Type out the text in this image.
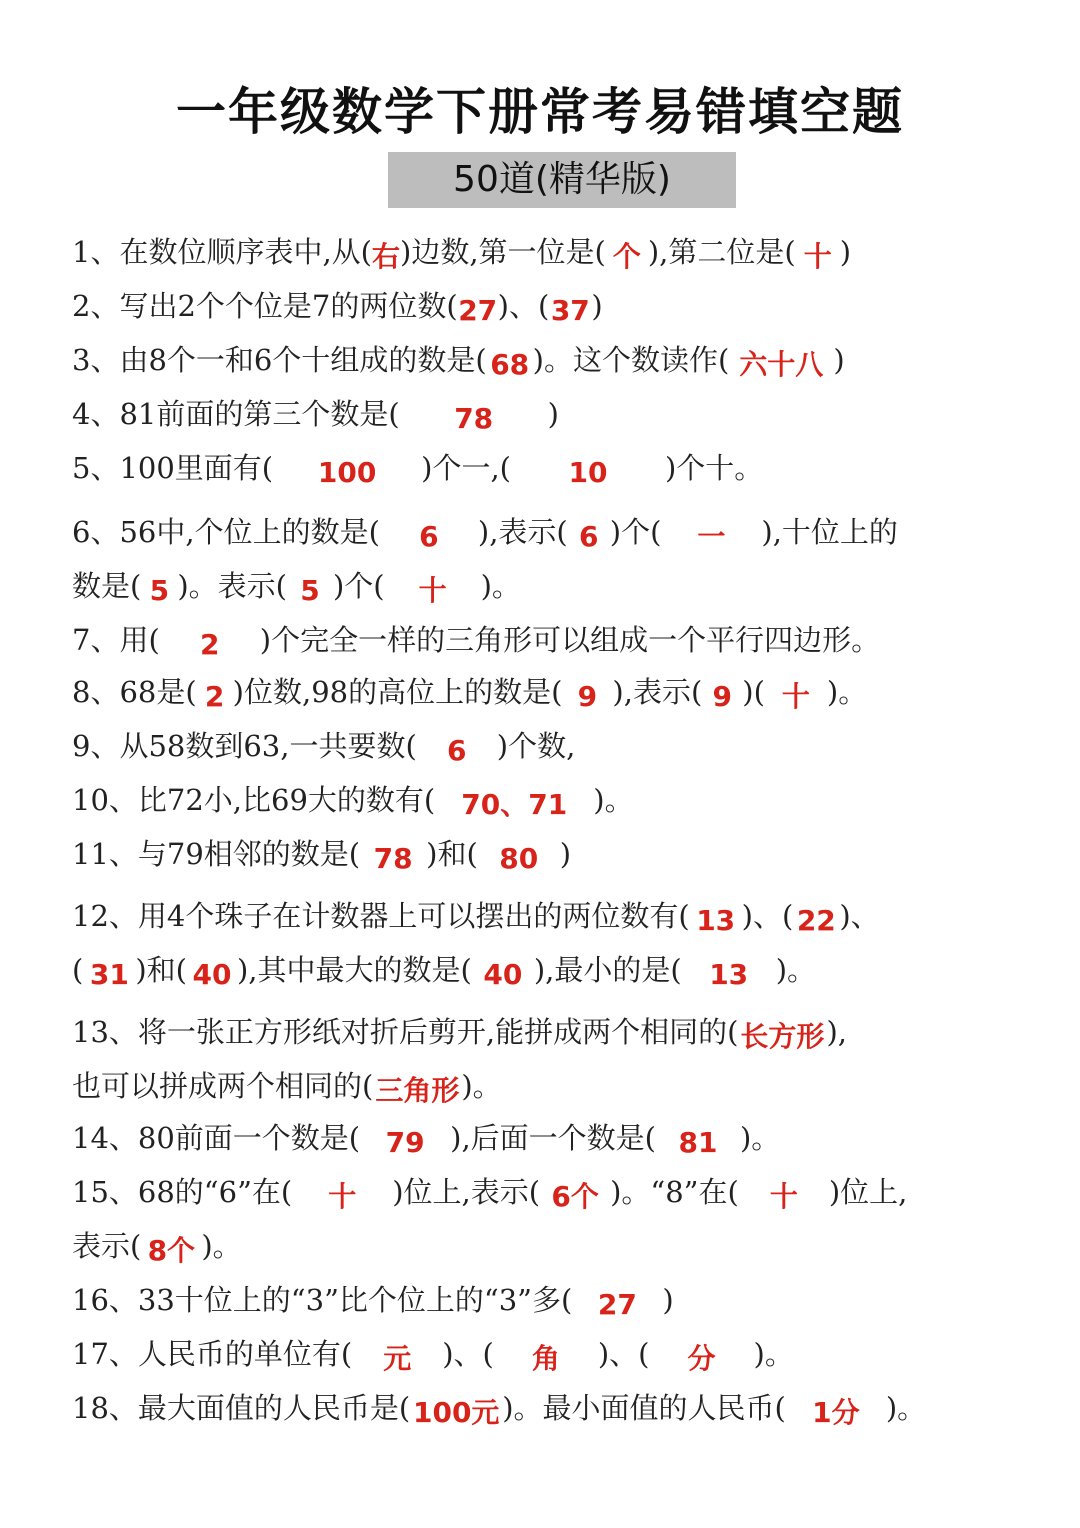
一年级数学下册常考易错填空题
50道(精华版)
1、在数位顺序表中,从(右)边数,第一位是( 个 ),第二位是( 十 )
2、写出2个个位是7的两位数(27)、(37)
3、由8个一和6个十组成的数是( 68 )。这个数读作( 六十八 )
4、81前面的第三个数是( 78 )
5、100里面有( 100 )个一,( 10 )个十。
6、56中,个位上的数是( 6 ),表示( 6 )个( 一 ),十位上的
数是( 5 )。表示( 5 )个( 十 )。
7、用( 2 )个完全一样的三角形可以组成一个平行四边形。
8、68是( 2 )位数,98的高位上的数是( 9 ),表示( 9 )( 十 )。
9、从58数到63,一共要数( 6 )个数,
10、比72小,比69大的数有( 70、71 )。
11、与79相邻的数是( 78 )和( 80 )
12、用4个珠子在计数器上可以摆出的两位数有( 13 )、( 22 )、
( 31 )和( 40 ),其中最大的数是( 40 ),最小的是( 13 )。
13、将一张正方形纸对折后剪开,能拼成两个相同的(长方形),
也可以拼成两个相同的(三角形)。
14、80前面一个数是( 79 ),后面一个数是( 81 )。
15、68的“6”在( 十 )位上,表示( 6个 )。“8”在( 十 )位上,
表示( 8个 )。
16、33十位上的“3”比个位上的“3”多( 27 )
17、人民币的单位有( 元 )、( 角 )、( 分 )。
18、最大面值的人民币是(100元)。最小面值的人民币( 1分 )。
